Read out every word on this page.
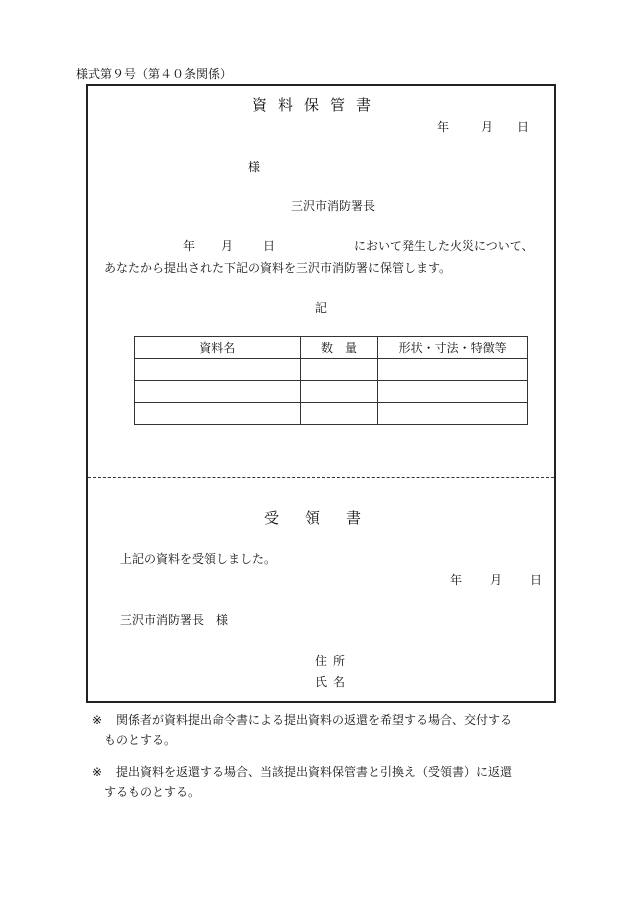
様式第９号（第４０条関係）
資料保管書
年	月 日
様
三沢市消防署長
年 月	日	において発生した火災について、
あなたから提出された下記の資料を三沢市消防署に保管します。
記
資料名	数　量	形状・寸法・特徴等

受領書
上記の資料を受領しました。
年 月 日
三沢市消防署長　様
住所
氏名
※ 関係者が資料提出命令書による提出資料の返還を希望する場合、交付する
ものとする。
※ 提出資料を返還する場合、当該提出資料保管書と引換え（受領書）に返還
するものとする。
